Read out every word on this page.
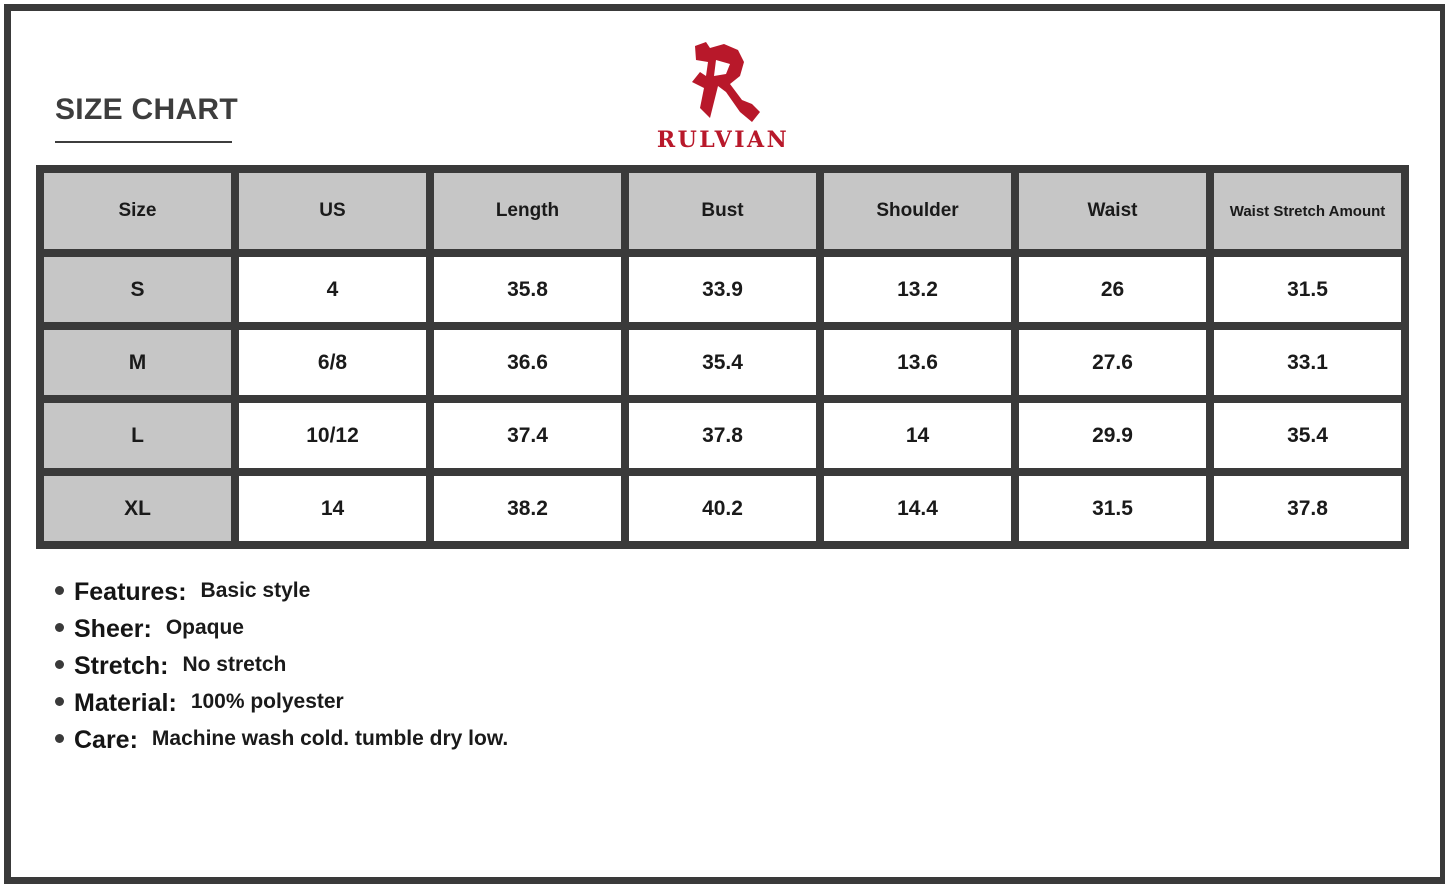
SIZE CHART
RULVIAN
Size	US	Length	Bust	Shoulder	Waist	Waist Stretch Amount
S	4	35.8	33.9	13.2	26	31.5
M	6/8	36.6	35.4	13.6	27.6	33.1
L	10/12	37.4	37.8	14	29.9	35.4
XL	14	38.2	40.2	14.4	31.5	37.8
Features: Basic style
Sheer: Opaque
Stretch: No stretch
Material: 100% polyester
Care: Machine wash cold. tumble dry low.
